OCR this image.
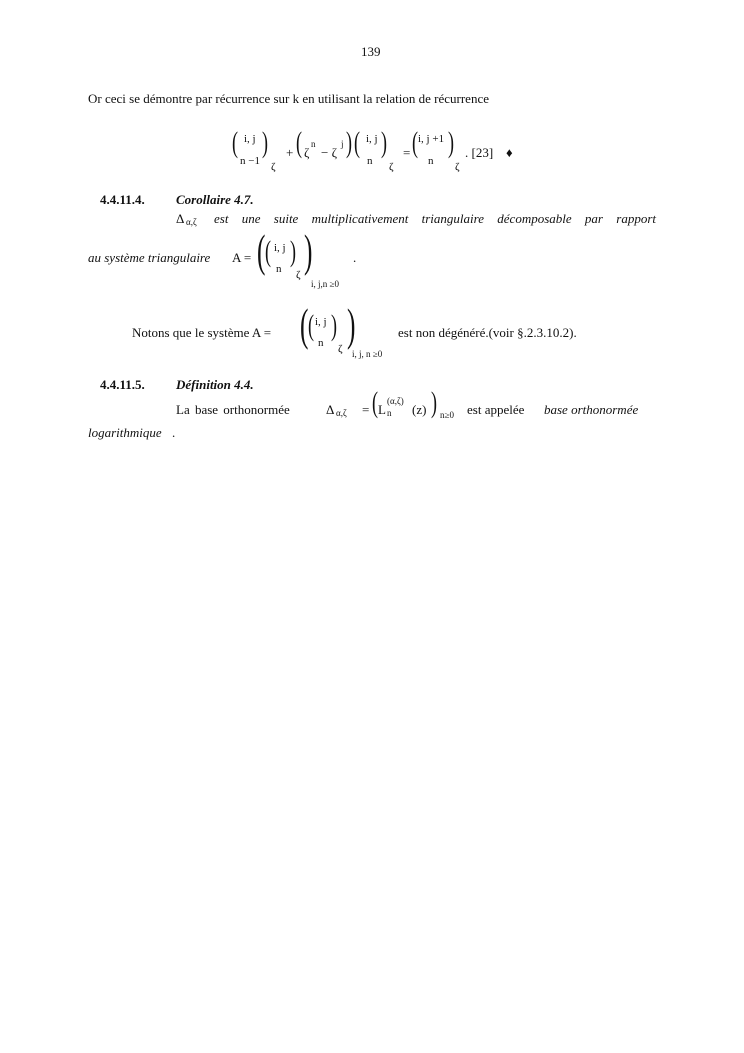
139
Or ceci se démontre par récurrence sur k en utilisant la relation de récurrence
( i, j
n −1
)
ζ
+ ( ζ
n
− ζ
j ) ( i, j
n
)
ζ
= ( i, j +1
n
)
ζ
. [23] ♦
4.4.11.4. Corollaire 4.7.
Δ α,ζ est une suite multiplicativement triangulaire décomposable par rapport
au système triangulaire A = ( ( i, j
n
)
ζ )
i, j,n ≥0
.
Notons que le système A = ( ( i, j
n
)
ζ )
i, j, n ≥0
est non dégénéré.(voir §.2.3.10.2).
4.4.11.5. Définition 4.4.
La base orthonormée	Δ α,ζ = ( L
(α,ζ)
n (z) ) n≥0 est appelée base orthonormée
logarithmique .
